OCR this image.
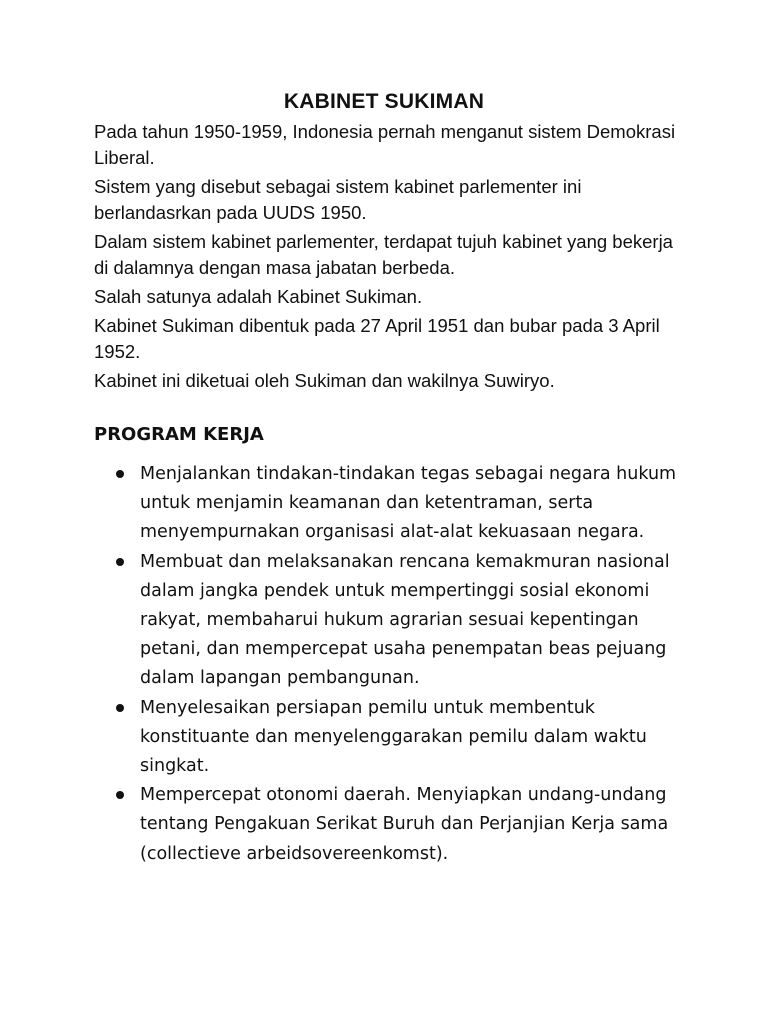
KABINET SUKIMAN

Pada tahun 1950-1959, Indonesia pernah menganut sistem Demokrasi Liberal.

Sistem yang disebut sebagai sistem kabinet parlementer ini berlandasrkan pada UUDS 1950.

Dalam sistem kabinet parlementer, terdapat tujuh kabinet yang bekerja di dalamnya dengan masa jabatan berbeda.

Salah satunya adalah Kabinet Sukiman.

Kabinet Sukiman dibentuk pada 27 April 1951 dan bubar pada 3 April 1952.

Kabinet ini diketuai oleh Sukiman dan wakilnya Suwiryo.

PROGRAM KERJA
Menjalankan tindakan-tindakan tegas sebagai negara hukum untuk menjamin keamanan dan ketentraman, serta menyempurnakan organisasi alat-alat kekuasaan negara.
Membuat dan melaksanakan rencana kemakmuran nasional dalam jangka pendek untuk mempertinggi sosial ekonomi rakyat, membaharui hukum agrarian sesuai kepentingan petani, dan mempercepat usaha penempatan beas pejuang dalam lapangan pembangunan.
Menyelesaikan persiapan pemilu untuk membentuk konstituante dan menyelenggarakan pemilu dalam waktu singkat.
Mempercepat otonomi daerah. Menyiapkan undang-undang tentang Pengakuan Serikat Buruh dan Perjanjian Kerja sama (collectieve arbeidsovereenkomst).
